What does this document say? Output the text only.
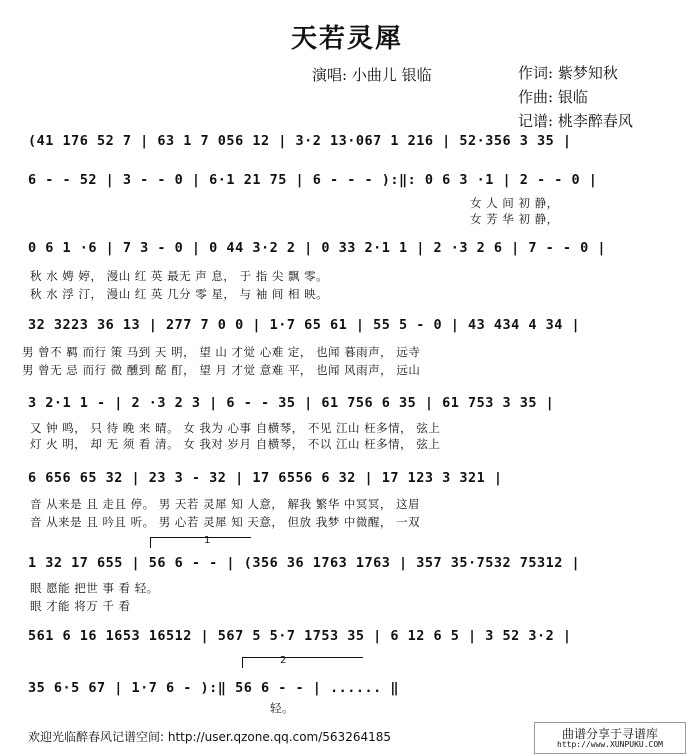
天若灵犀
演唱: 小曲儿 银临	作词: 紫梦知秋
作曲: 银临
记谱: 桃李醉春风
(41 176 52 7 | 63 1 7 056 12 | 3·2 13·067 1 216 | 52·356 3 35 |
6 - - 52 | 3 - - 0 | 6·1 21 75 | 6 - - - ):‖: 0 6 3 ·1 | 2 - - 0 |
女 人 间 初 静，
女 芳 华 初 静，
0 6 1 ·6 | 7 3 - 0 | 0 44 3·2 2 | 0 33 2·1 1 | 2 ·3 2 6 | 7 - - 0 |
秋 水 娉 婷， 漫山 红 英 最无 声 息， 于 指 尖 飘 零。
秋 水 浮 汀， 漫山 红 英 几分 零 星， 与 袖 间 相 映。
32 3223 36 13 | 277 7 0 0 | 1·7 65 61 | 55 5 - 0 | 43 434 4 34 |
男 曾不 羁 而行 策 马到 天 明， 望 山 才觉 心难 定， 也闻 暮雨声， 远寺
男 曾无 忌 而行 微 醺到 酩 酊， 望 月 才觉 意难 平， 也闻 风雨声， 远山
3 2·1 1 - | 2 ·3 2 3 | 6 - - 35 | 61 756 6 35 | 61 753 3 35 |
又 钟 鸣， 只 待 晚 来 晴。 女 我为 心事 自横琴， 不见 江山 枉多情， 弦上
灯 火 明， 却 无 须 看 清。 女 我对 岁月 自横琴， 不以 江山 枉多情， 弦上
6 656 65 32 | 23 3 - 32 | 17 6556 6 32 | 17 123 3 321 |
音 从来是 且 走且 停。 男 天若 灵犀 知 人意， 解我 繁华 中冥冥， 这眉
音 从来是 且 吟且 听。 男 心若 灵犀 知 天意， 但放 我梦 中微醒， 一双
1
1 32 17 655 | 56 6 - - | (356 36 1763 1763 | 357 35·7532 75312 |
眼 愿能 把世 事 看 轻。
眼 才能 将万 千 看
561 6 16 1653 16512 | 567 5 5·7 1753 35 | 6 12 6 5 | 3 52 3·2 |
2
35 6·5 67 | 1·7 6 - ):‖ 56 6 - - | ...... ‖
轻。
欢迎光临醉春风记谱空间: http://user.qzone.qq.com/563264185	曲谱分享于寻谱库
http://www.XUNPUKU.COM
